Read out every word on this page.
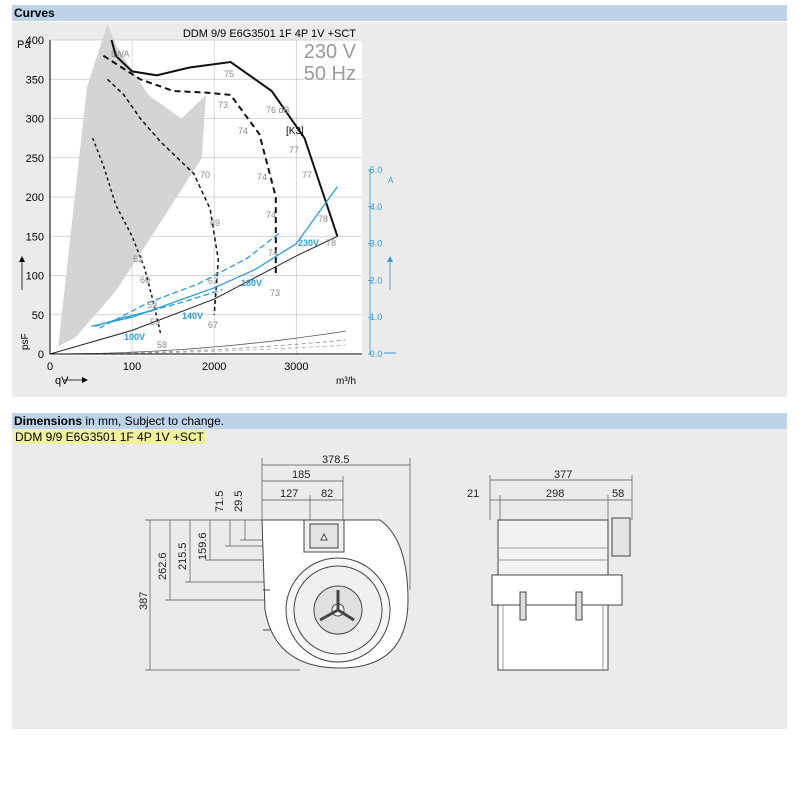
Curves
0
50
100
150
200
250
300
350
400
0	100	2000	3000
0.0
1.0
2.0
3.0
4.0
5.0
230V
180V
140V
100V
75
73	76 dB
74
77
70	74	77
69
74	78
78
67
74
73
62
60
59
59
58
67
DDM 9/9 E6G3501 1F 4P 1V +SCT
230 V
50 Hz
[K3]
LWA
Pa
psF
qV	m³/h
A
Dimensions in mm, Subject to change.
DDM 9/9 E6G3501 1F 4P 1V +SCT
378.5
185
127 82
71.5 29.5
387
262.6 215.5 159.6
377
21	298	58
